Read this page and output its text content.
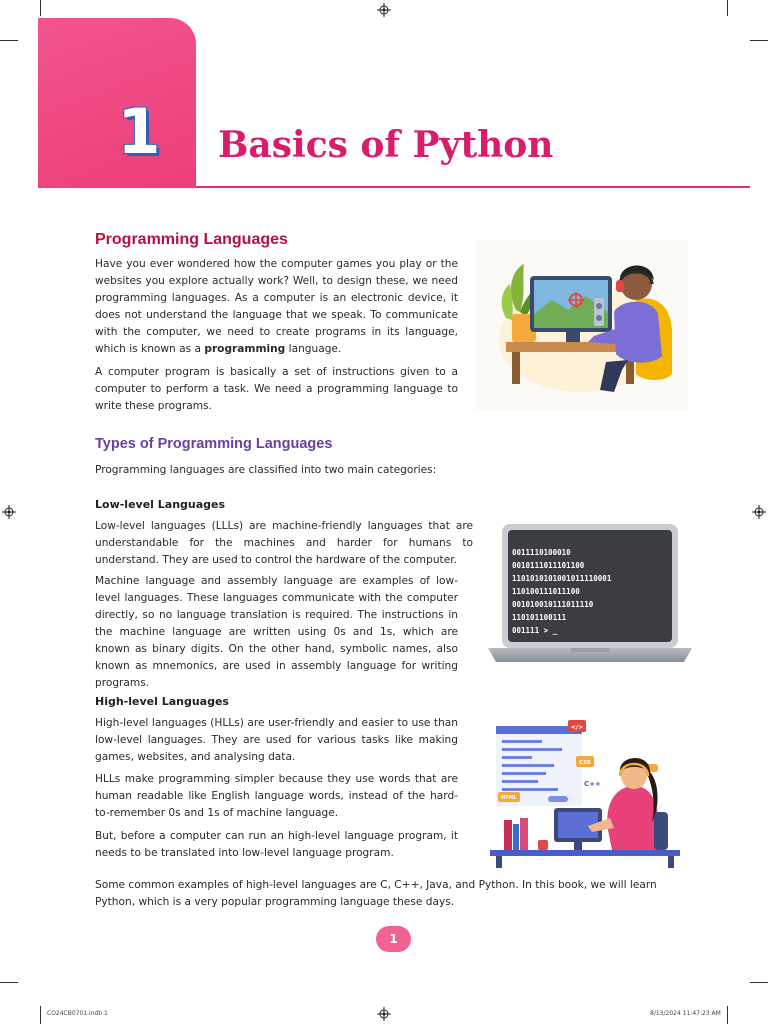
1 Basics of Python
Programming Languages

Have you ever wondered how the computer games you play or the websites you explore actually work? Well, to design these, we need programming languages. As a computer is an electronic device, it does not understand the language that we speak. To communicate with the computer, we need to create programs in its language, which is known as a programming language.

A computer program is basically a set of instructions given to a computer to perform a task. We need a programming language to write these programs.

Types of Programming Languages

Programming languages are classified into two main categories:

Low-level Languages

Low-level languages (LLLs) are machine-friendly languages that are understandable for the machines and harder for humans to understand. They are used to control the hardware of the computer.

Machine language and assembly language are examples of low-level languages. These languages communicate with the computer directly, so no language translation is required. The instructions in the machine language are written using 0s and 1s, which are known as binary digits. On the other hand, symbolic names, also known as mnemonics, are used in assembly language for writing programs.

0011110100010
0010111011101100
1101010101001011110001
110100111011100
001010010111011110
110101100111
001111 > _
High-level Languages

High-level languages (HLLs) are user-friendly and easier to use than low-level languages. They are used for various tasks like making games, websites, and analysing data.

HLLs make programming simpler because they use words that are human readable like English language words, instead of the hard-to-remember 0s and 1s of machine language.

But, before a computer can run an high-level language program, it needs to be translated into low-level language program.

</>
CSS
C++
HTML

Some common examples of high-level languages are C, C++, Java, and Python. In this book, we will learn Python, which is a very popular programming language these days.

1
CO24CB0701.indb 1	8/13/2024 11:47:23 AM
